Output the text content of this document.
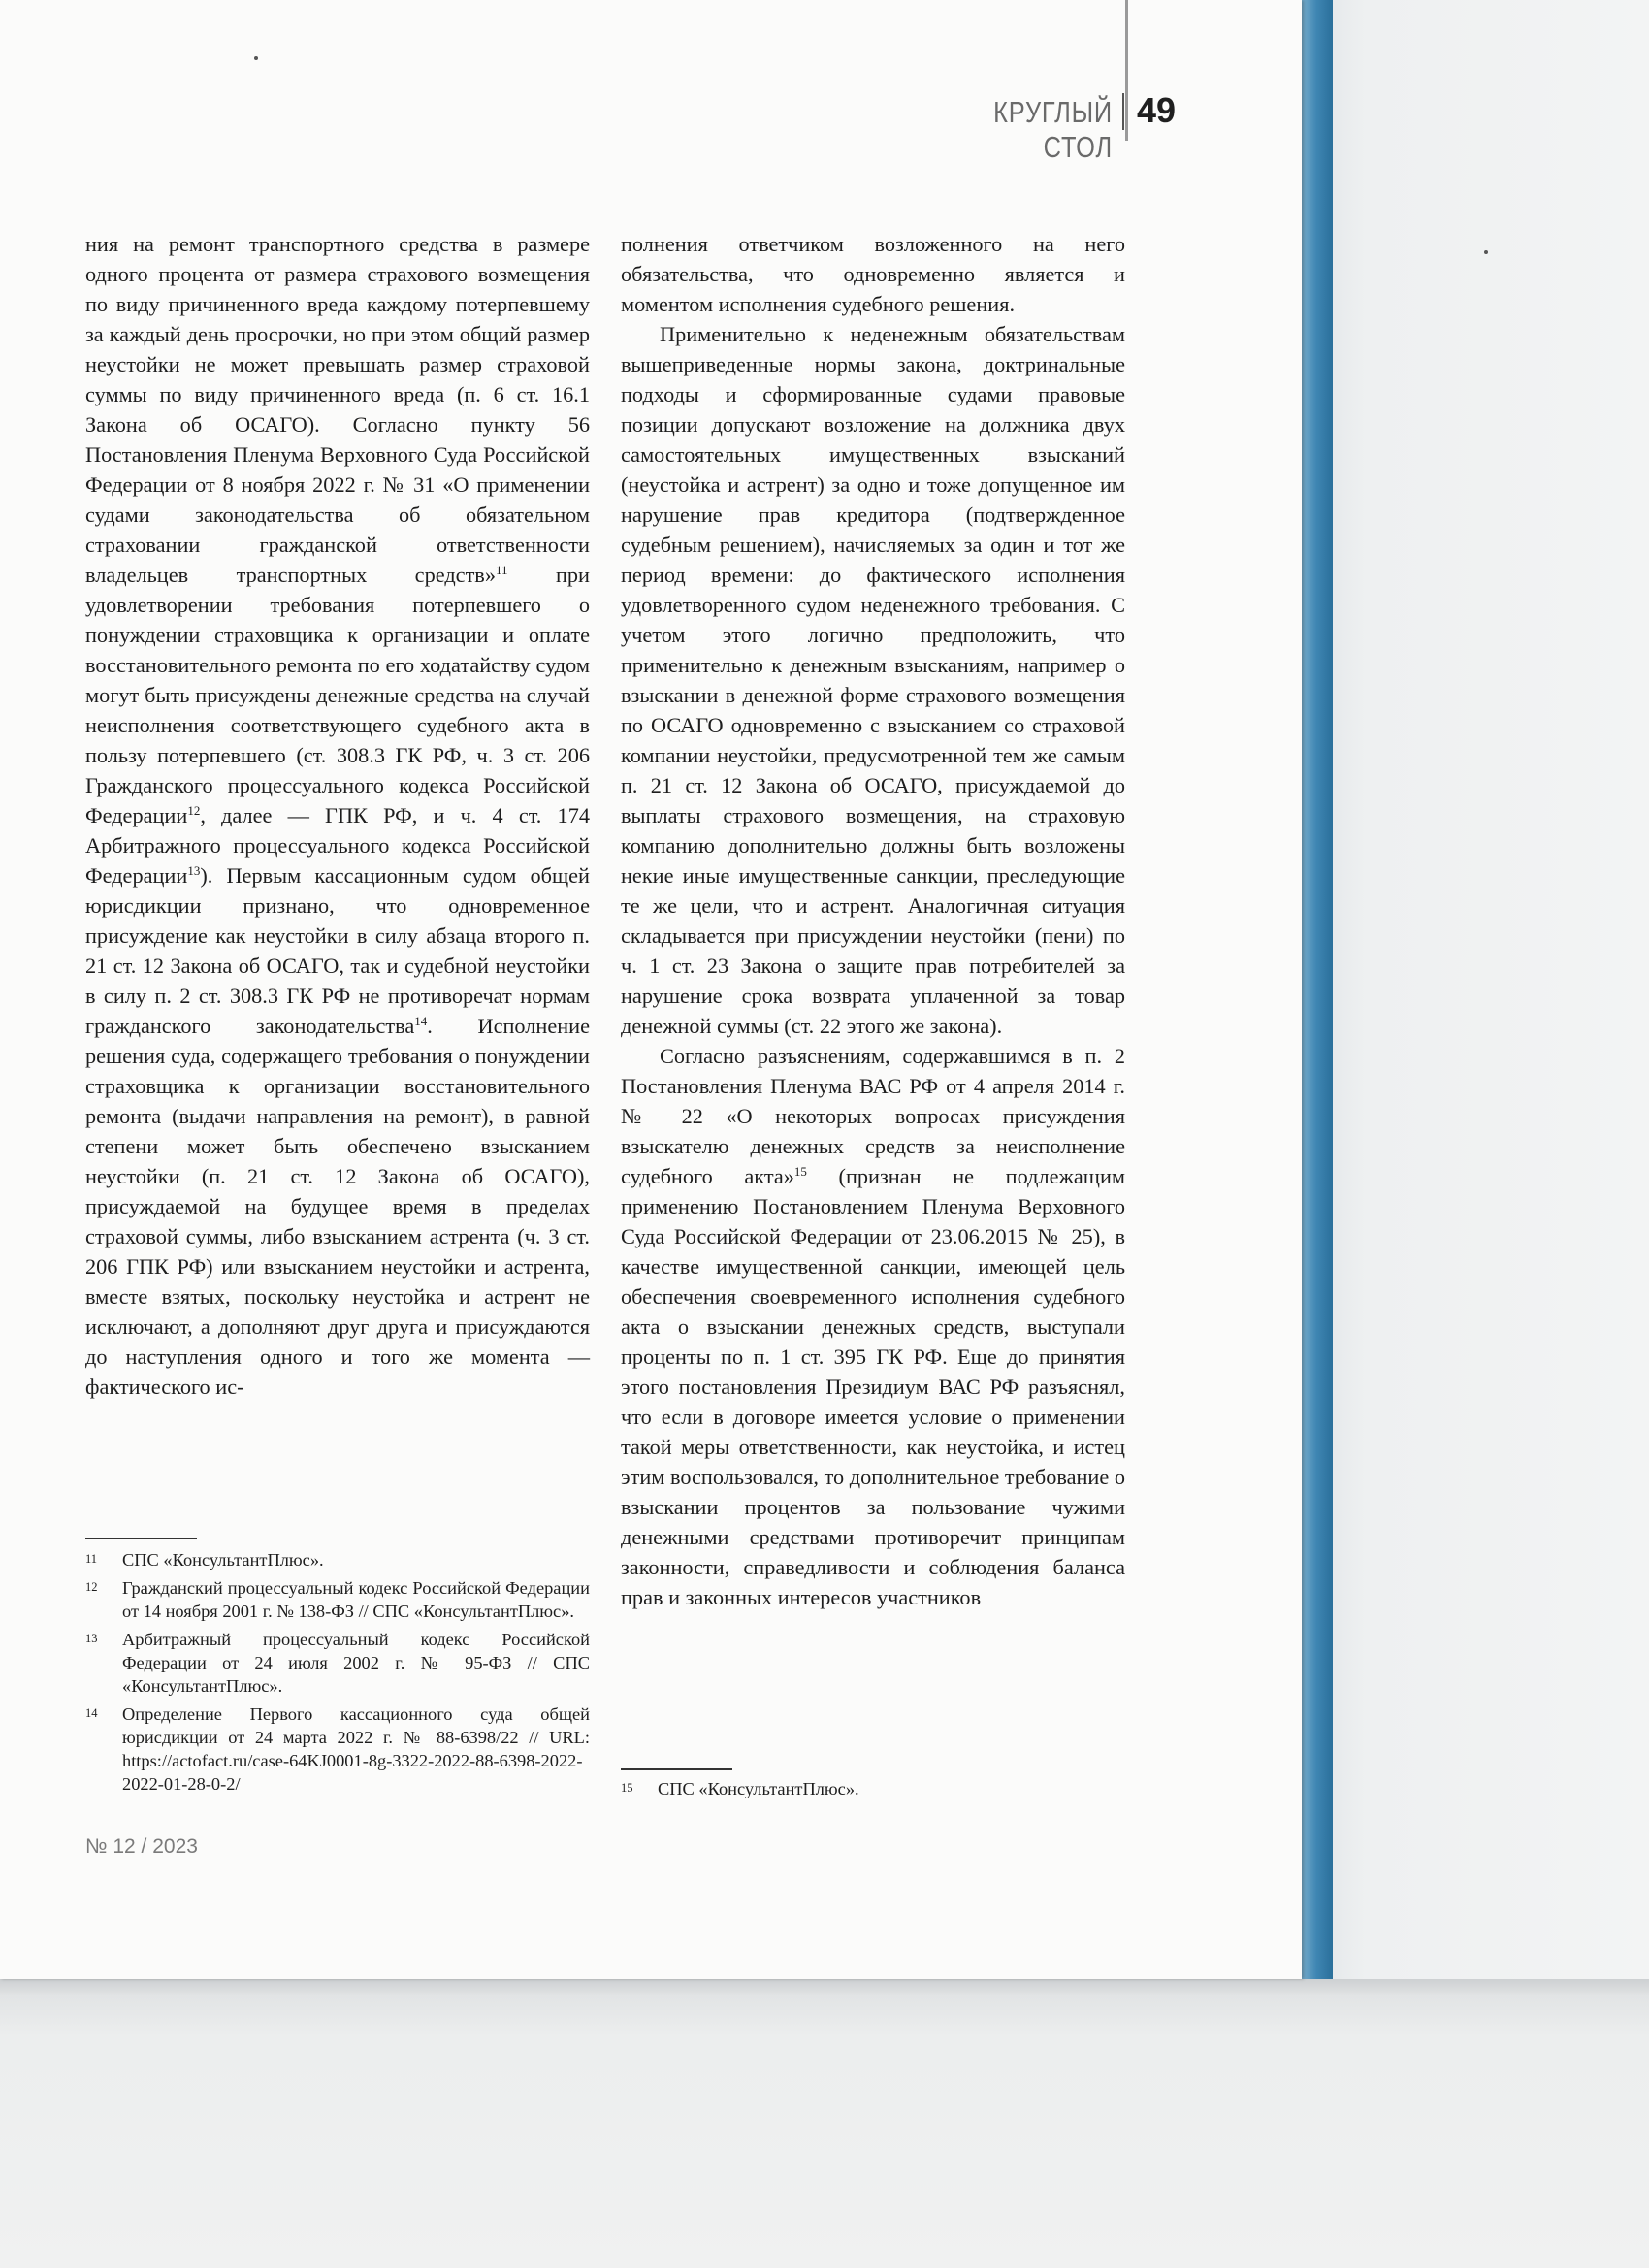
КРУГЛЫЙ СТОЛ
49

ния на ремонт транспортного средства в размере одного процента от размера страхового возмещения по виду причиненного вреда каждому потерпевшему за каждый день просрочки, но при этом общий размер неустойки не может превышать размер страховой суммы по виду причиненного вреда (п. 6 ст. 16.1 Закона об ОСАГО). Согласно пункту 56 Постановления Пленума Верховного Суда Российской Федерации от 8 ноября 2022 г. № 31 «О применении судами законодательства об обязательном страховании гражданской ответственности владельцев транспортных средств»$^{11}$ при удовлетворении требования потерпевшего о понуждении страховщика к организации и оплате восстановительного ремонта по его ходатайству судом могут быть присуждены денежные средства на случай неисполнения соответствующего судебного акта в пользу потерпевшего (ст. 308.3 ГК РФ, ч. 3 ст. 206 Гражданского процессуального кодекса Российской Федерации$^{12}$, далее — ГПК РФ, и ч. 4 ст. 174 Арбитражного процессуального кодекса Российской Федерации$^{13}$). Первым кассационным судом общей юрисдикции признано, что одновременное присуждение как неустойки в силу абзаца второго п. 21 ст. 12 Закона об ОСАГО, так и судебной неустойки в силу п. 2 ст. 308.3 ГК РФ не противоречат нормам гражданского законодательства$^{14}$. Исполнение решения суда, содержащего требования о понуждении страховщика к организации восстановительного ремонта (выдачи направления на ремонт), в равной степени может быть обеспечено взысканием неустойки (п. 21 ст. 12 Закона об ОСАГО), присуждаемой на будущее время в пределах страховой суммы, либо взысканием астрента (ч. 3 ст. 206 ГПК РФ) или взысканием неустойки и астрента, вместе взятых, поскольку неустойка и астрент не исключают, а дополняют друг друга и присуждаются до наступления одного и того же момента — фактического ис-

полнения ответчиком возложенного на него обязательства, что одновременно является и моментом исполнения судебного решения.

Применительно к неденежным обязательствам вышеприведенные нормы закона, доктринальные подходы и сформированные судами правовые позиции допускают возложение на должника двух самостоятельных имущественных взысканий (неустойка и астрент) за одно и тоже допущенное им нарушение прав кредитора (подтвержденное судебным решением), начисляемых за один и тот же период времени: до фактического исполнения удовлетворенного судом неденежного требования. С учетом этого логично предположить, что применительно к денежным взысканиям, например о взыскании в денежной форме страхового возмещения по ОСАГО одновременно с взысканием со страховой компании неустойки, предусмотренной тем же самым п. 21 ст. 12 Закона об ОСАГО, присуждаемой до выплаты страхового возмещения, на страховую компанию дополнительно должны быть возложены некие иные имущественные санкции, преследующие те же цели, что и астрент. Аналогичная ситуация складывается при присуждении неустойки (пени) по ч. 1 ст. 23 Закона о защите прав потребителей за нарушение срока возврата уплаченной за товар денежной суммы (ст. 22 этого же закона).

Согласно разъяснениям, содержавшимся в п. 2 Постановления Пленума ВАС РФ от 4 апреля 2014 г. № 22 «О некоторых вопросах присуждения взыскателю денежных средств за неисполнение судебного акта»$^{15}$ (признан не подлежащим применению Постановлением Пленума Верховного Суда Российской Федерации от 23.06.2015 № 25), в качестве имущественной санкции, имеющей цель обеспечения своевременного исполнения судебного акта о взыскании денежных средств, выступали проценты по п. 1 ст. 395 ГК РФ. Еще до принятия этого постановления Президиум ВАС РФ разъяснял, что если в договоре имеется условие о применении такой меры ответственности, как неустойка, и истец этим воспользовался, то дополнительное требование о взыскании процентов за пользование чужими денежными средствами противоречит принципам законности, справедливости и соблюдения баланса прав и законных интересов участников

11	СПС «КонсультантПлюс».
12	Гражданский процессуальный кодекс Российской Федерации от 14 ноября 2001 г. № 138-ФЗ // СПС «КонсультантПлюс».
13	Арбитражный процессуальный кодекс Российской Федерации от 24 июля 2002 г. № 95-ФЗ // СПС «КонсультантПлюс».
14	Определение Первого кассационного суда общей юрисдикции от 24 марта 2022 г. № 88-6398/22 // URL: https://actofact.ru/case-64KJ0001-8g-3322-2022-88-6398-2022-2022-01-28-0-2/	15	СПС «КонсультантПлюс».
№ 12 / 2023
